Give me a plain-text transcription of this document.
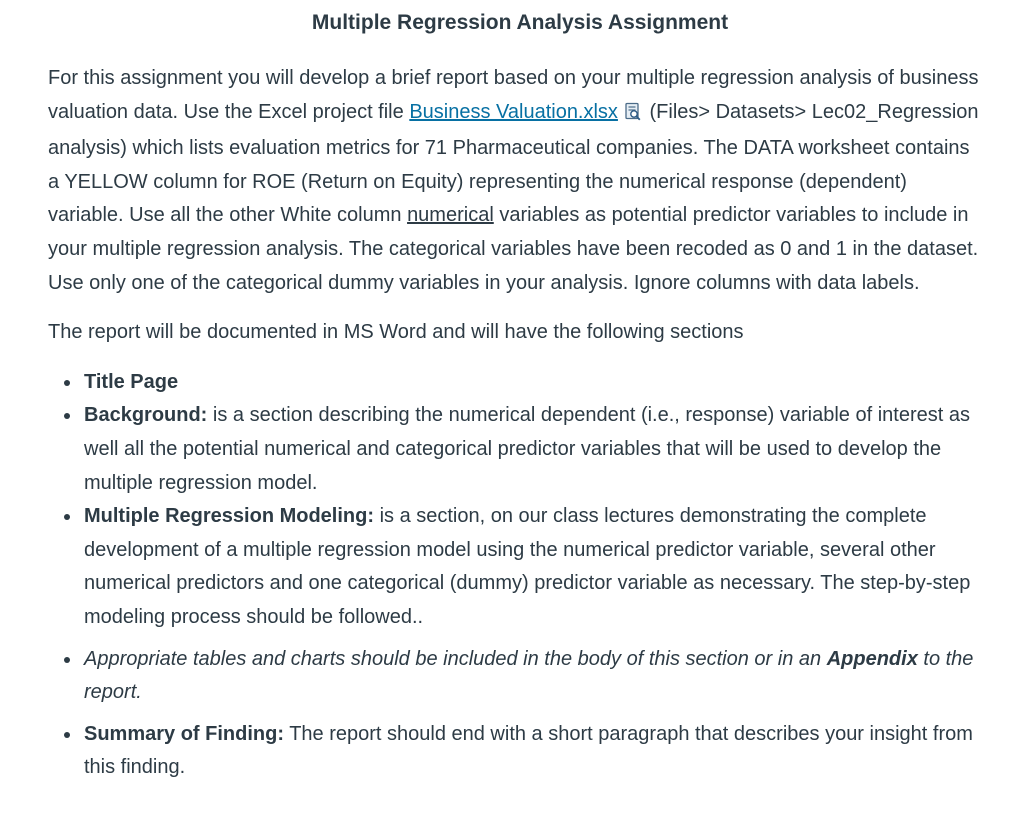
Multiple Regression Analysis Assignment

For this assignment you will develop a brief report based on your multiple regression analysis of business valuation data. Use the Excel project file Business Valuation.xlsx (Files> Datasets> Lec02_Regression analysis) which lists evaluation metrics for 71 Pharmaceutical companies. The DATA worksheet contains a YELLOW column for ROE (Return on Equity) representing the numerical response (dependent) variable. Use all the other White column numerical variables as potential predictor variables to include in your multiple regression analysis. The categorical variables have been recoded as 0 and 1 in the dataset. Use only one of the categorical dummy variables in your analysis. Ignore columns with data labels.

The report will be documented in MS Word and will have the following sections

• Title Page
• Background: is a section describing the numerical dependent (i.e., response) variable of interest as well all the potential numerical and categorical predictor variables that will be used to develop the multiple regression model.
• Multiple Regression Modeling: is a section, on our class lectures demonstrating the complete development of a multiple regression model using the numerical predictor variable, several other numerical predictors and one categorical (dummy) predictor variable as necessary. The step-by-step modeling process should be followed..
• Appropriate tables and charts should be included in the body of this section or in an Appendix to the report.
• Summary of Finding: The report should end with a short paragraph that describes your insight from this finding.
